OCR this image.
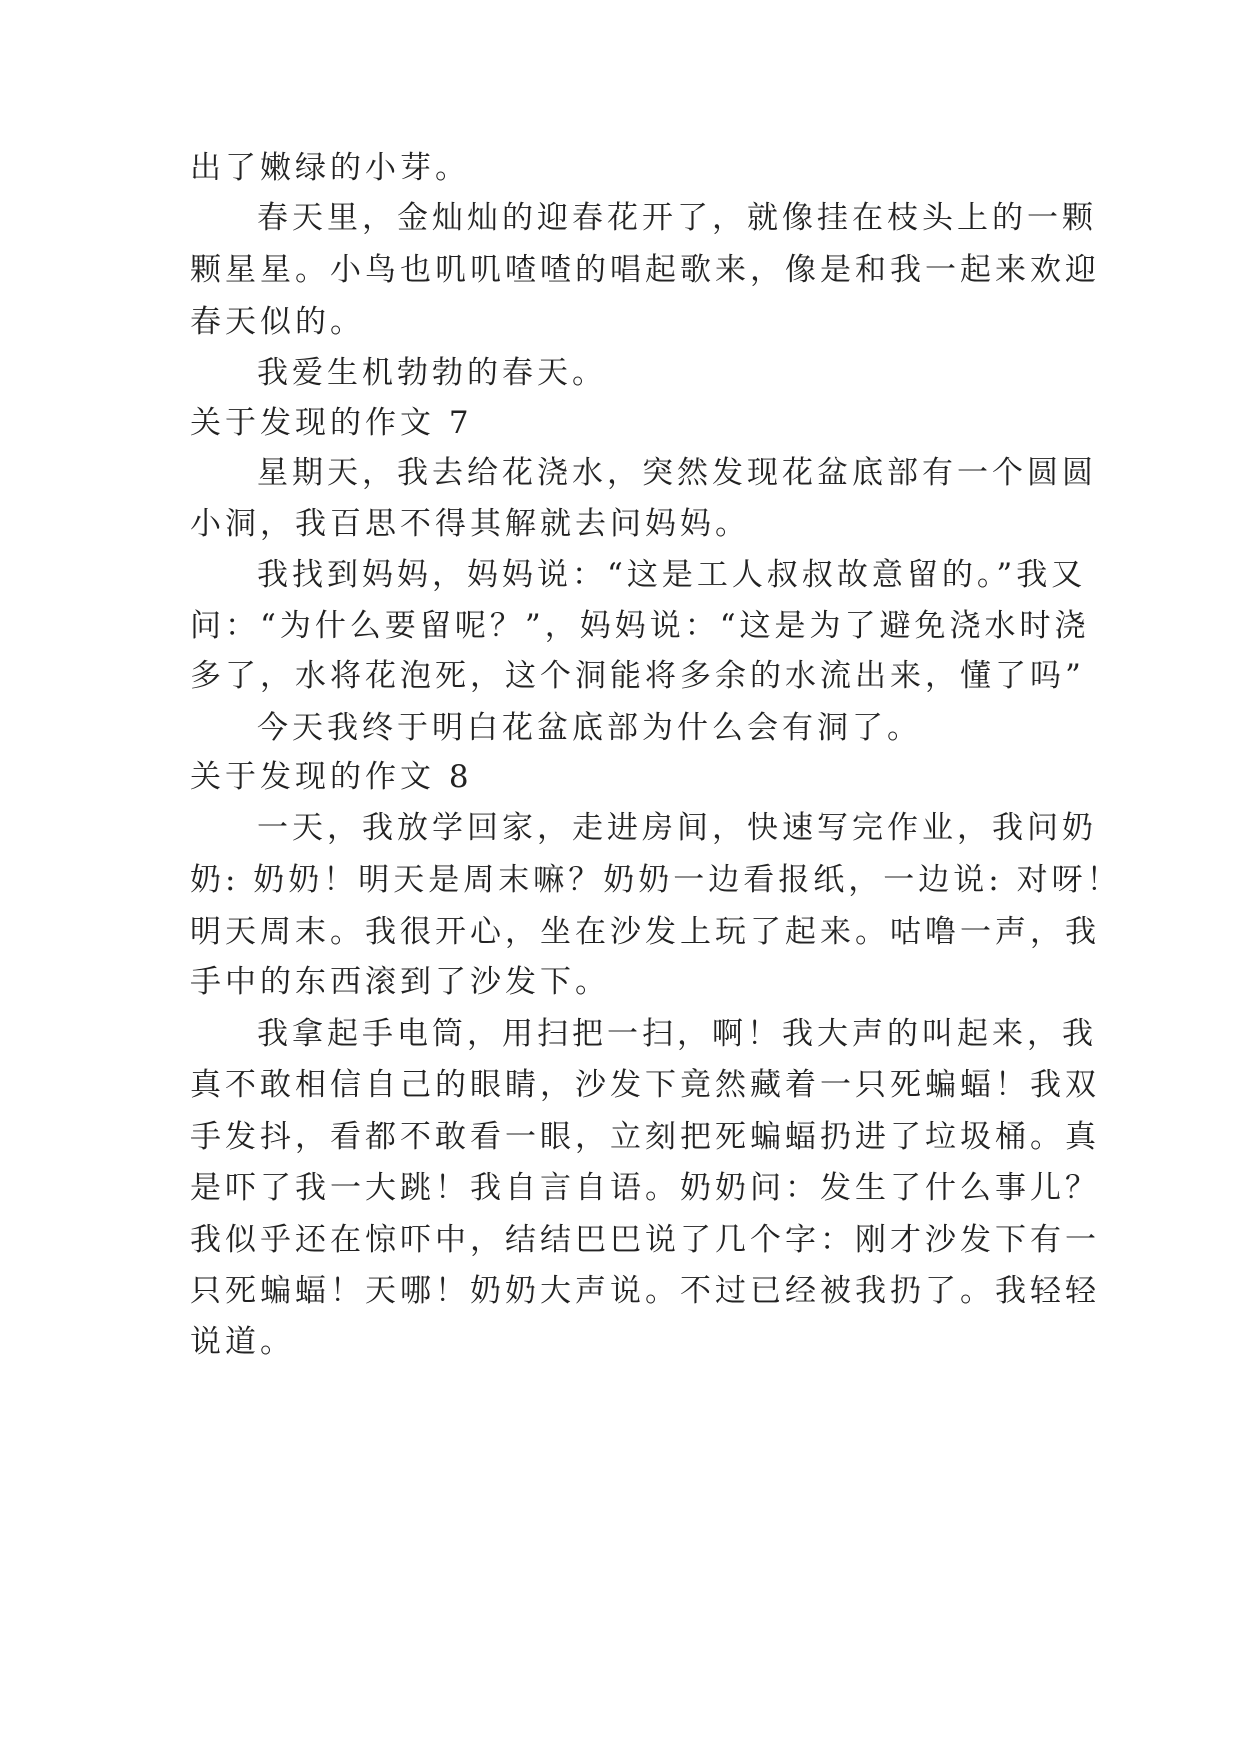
出了嫩绿的小芽。
春天里，金灿灿的迎春花开了，就像挂在枝头上的一颗
颗星星。小鸟也叽叽喳喳的唱起歌来，像是和我一起来欢迎
春天似的。
我爱生机勃勃的春天。
关于发现的作文 7
星期天，我去给花浇水，突然发现花盆底部有一个圆圆
小洞，我百思不得其解就去问妈妈。
我找到妈妈，妈妈说：“这是工人叔叔故意留的。”我又
问：“为什么要留呢？”，妈妈说：“这是为了避免浇水时浇
多了，水将花泡死，这个洞能将多余的水流出来，懂了吗”
今天我终于明白花盆底部为什么会有洞了。
关于发现的作文 8
一天，我放学回家，走进房间，快速写完作业，我问奶
奶: 奶奶！明天是周末嘛？奶奶一边看报纸，一边说: 对呀！
明天周末。我很开心，坐在沙发上玩了起来。咕噜一声，我
手中的东西滚到了沙发下。
我拿起手电筒，用扫把一扫，啊！我大声的叫起来，我
真不敢相信自己的眼睛，沙发下竟然藏着一只死蝙蝠！我双
手发抖，看都不敢看一眼，立刻把死蝙蝠扔进了垃圾桶。真
是吓了我一大跳！我自言自语。奶奶问：发生了什么事儿？
我似乎还在惊吓中，结结巴巴说了几个字：刚才沙发下有一
只死蝙蝠！天哪！奶奶大声说。不过已经被我扔了。我轻轻
说道。
